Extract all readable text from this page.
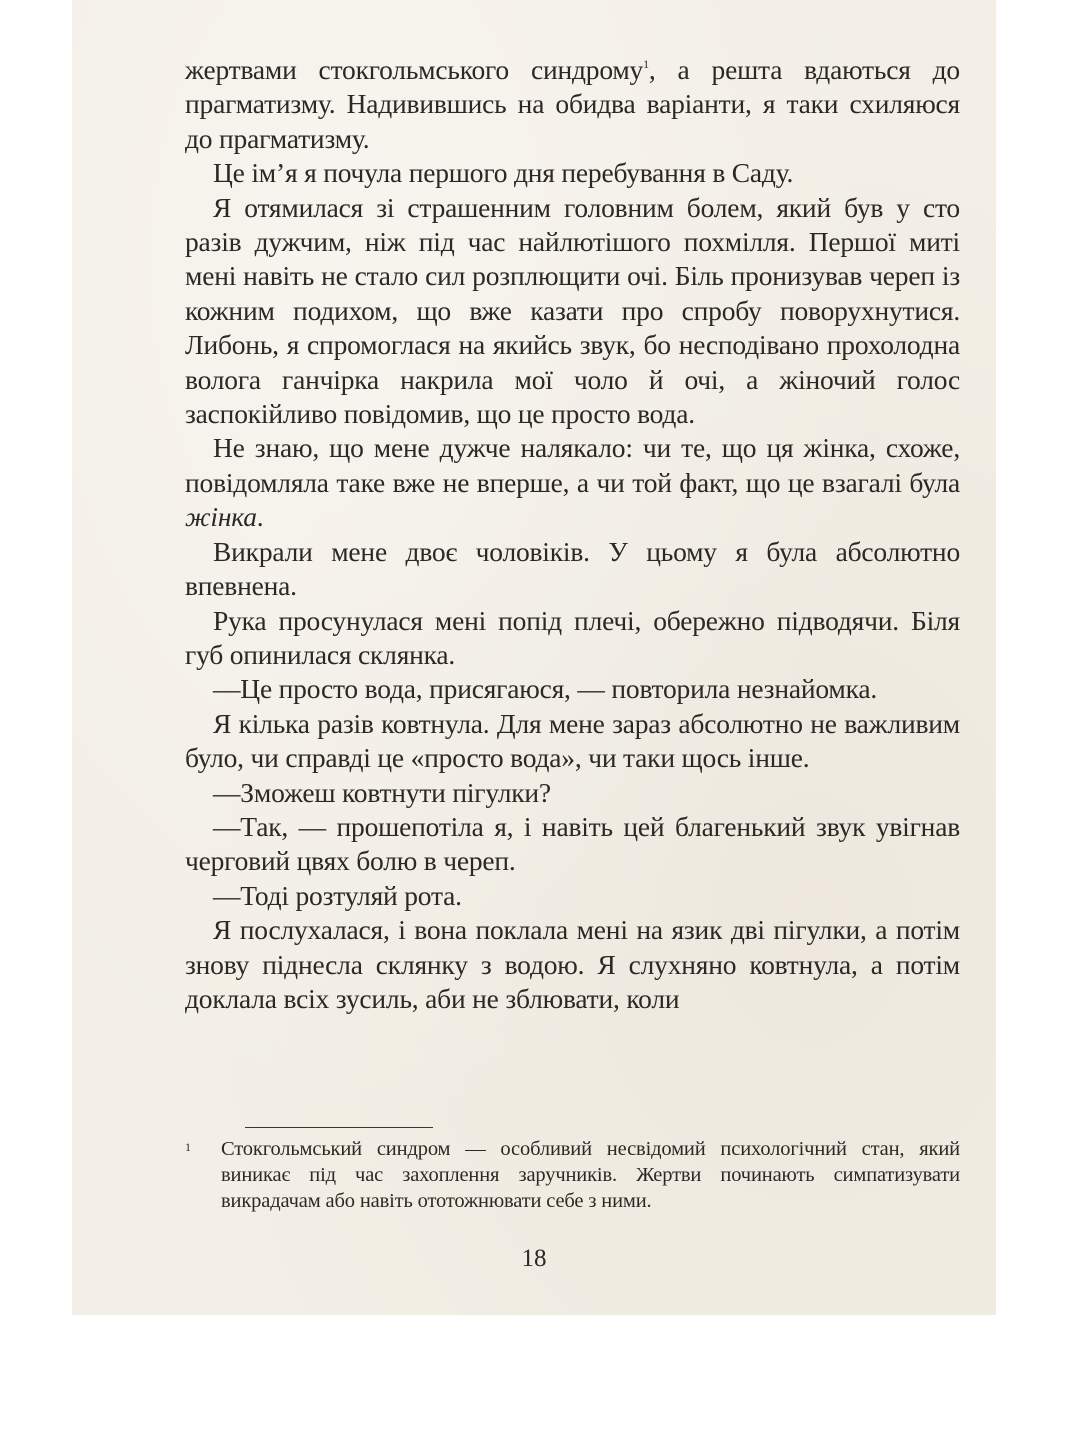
жертвами стокгольмського синдрому$^1$, а решта вдаються до прагматизму. Надивившись на обидва варіанти, я таки схиляюся до прагматизму.

Це ім’я я почула першого дня перебування в Саду.

Я отямилася зі страшенним головним болем, який був у сто разів дужчим, ніж під час найлютішого похмілля. Першої миті мені навіть не стало сил розплющити очі. Біль пронизував череп із кожним подихом, що вже казати про спробу поворухнутися. Либонь, я спромоглася на якийсь звук, бо несподівано прохолодна волога ганчірка накрила мої чоло й очі, а жіночий голос заспокійливо повідомив, що це просто вода.

Не знаю, що мене дужче налякало: чи те, що ця жінка, схоже, повідомляла таке вже не вперше, а чи той факт, що це взагалі була жінка.

Викрали мене двоє чоловіків. У цьому я була абсолютно впевнена.

Рука просунулася мені попід плечі, обережно підводячи. Біля губ опинилася склянка.

—Це просто вода, присягаюся, — повторила незнайомка.

Я кілька разів ковтнула. Для мене зараз абсолютно не важливим було, чи справді це «просто вода», чи таки щось інше.

—Зможеш ковтнути пігулки?

—Так, — прошепотіла я, і навіть цей благенький звук увігнав черговий цвях болю в череп.

—Тоді розтуляй рота.

Я послухалася, і вона поклала мені на язик дві пігулки, а потім знову піднесла склянку з водою. Я слухняно ковтнула, а потім доклала всіх зусиль, аби не зблювати, коли

1 Стокгольмський синдром — особливий несвідомий психологічний стан, який виникає під час захоплення заручників. Жертви починають симпатизувати викрадачам або навіть ототожнювати себе з ними.
18
